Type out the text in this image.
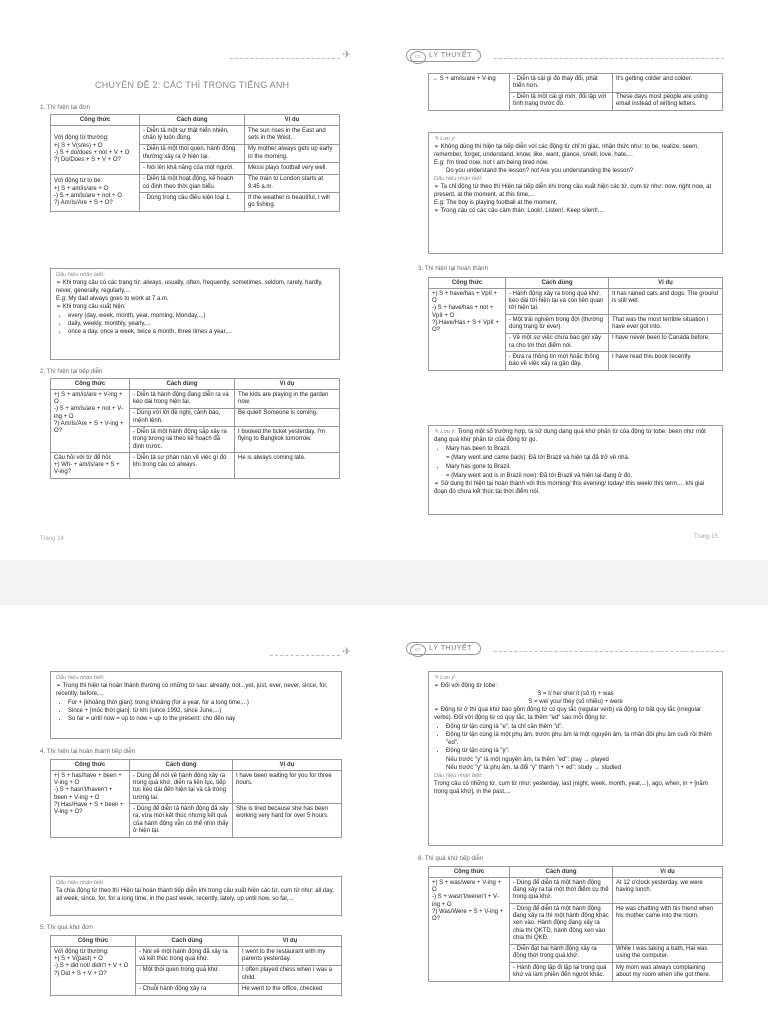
✈
CHUYÊN ĐỀ 2: CÁC THÌ TRONG TIẾNG ANH
1. Thì hiện tại đơn
Công thức	Cách dùng	Ví dụ
Với động từ thường:
+) S + V(s/es) + O
-) S + do/does + not + V + O
?) Do/Does + S + V + O?	- Diễn tả một sự thật hiển nhiên, chân lý luôn đúng.	The sun rises in the East and sets in the West.
	- Diễn tả một thói quen, hành động thường xảy ra ở hiện tại.	My mother always gets up early in the morning.
	- Nói lên khả năng của một người.	Messi plays football very well.
Với động từ to be:
+) S + am/is/are + O
-) S + am/is/are + not + O
?) Am/Is/Are + S + O?	- Diễn tả một hoạt động, kế hoạch có định theo thời gian biểu.	The train to London starts at 9:45 a.m.
	- Dùng trong câu điều kiện loại 1.	If the weather is beautiful, I will go fishing.
Dấu hiệu nhận biết:
➢ Khi trong câu có các trạng từ: always, usually, often, frequently, sometimes, seldom, rarely, hardly, never, generally, regularly,...
E.g: My dad always goes to work at 7 a.m.
➢ Khi trong câu xuất hiện:
• every (day, week, month, year, morning, Monday,...)
• daily, weekly, monthly, yearly,...
• once a day, once a week, twice a month, three times a year,...
2. Thì hiện tại tiếp diễn
Công thức	Cách dùng	Ví dụ
+) S + am/is/are + V-ing + O
-) S + am/is/are + not + V-ing + O
?) Am/Is/Are + S + V-ing + O?	- Diễn tả hành động đang diễn ra và kéo dài trong hiện tại.	The kids are playing in the garden now.
	- Dùng với lời đề nghị, cảnh báo, mệnh lệnh.	Be quiet! Someone is coming.
	- Diễn tả một hành động sắp xảy ra trong tương lai theo kế hoạch đã định trước.	I booked the ticket yesterday. I'm flying to Bangkok tomorrow.
Câu hỏi với từ để hỏi:
+) Wh- + am/is/are + S + V-ing?	- Diễn tả sự phàn nàn về việc gì đó khi trong câu có always.	He is always coming late.
Trang 14
▭	LÝ THUYẾT
→ S + am/is/are + V-ing	- Diễn tả cái gì đó thay đổi, phát triển hơn.	It's getting colder and colder.
	- Diễn tả một cái gì mới, đối lập với tình trạng trước đó.	These days most people are using email instead of writing letters.
✎ Lưu ý:
➢ Không dùng thì hiện tại tiếp diễn với các động từ chỉ tri giác, nhận thức như: to be, realize, seem, remember, forget, understand, know, like, want, glance, smell, love, hate,...
E.g: I'm tired now. not I am being tired now.
Do you understand the lesson? not Are you understanding the lesson?
Dấu hiệu nhận biết:
➢ Ta chỉ động từ theo thì Hiện tại tiếp diễn khi trong câu xuất hiện các từ, cụm từ như: now, right now, at present, at the moment, at this time,...
E.g: The boy is playing football at the moment.
➢ Trong câu có các câu cảm thán: Look!, Listen!, Keep silent!,...
3. Thì hiện tại hoàn thành
Công thức	Cách dùng	Ví dụ
+) S + have/has + VpII + O
-) S + have/has + not + VpII + O
?) Have/Has + S + VpII + O?	- Hành động xảy ra trong quá khứ, kéo dài tới hiện tại và còn liên quan tới hiện tại.	It has rained cats and dogs. The ground is still wet.
	- Một trải nghiệm trong đời (thường dùng trạng từ ever).	That was the most terrible situation I have ever got into.
	- Về một sự việc chưa bao giờ xảy ra cho tới thời điểm nói.	I have never been to Canada before.
	- Đưa ra thông tin mới hoặc thông báo về việc xảy ra gần đây.	I have read this book recently.
✎ Lưu ý: Trong một số trường hợp, ta sử dụng dạng quá khứ phân từ của động từ tobe: been như một dạng quá khứ phân từ của động từ go.
• Mary has been to Brazil.
= (Mary went and came back): Đã tới Brazil và hiện tại đã trở về nhà.
• Mary has gone to Brazil.
= (Mary went and is in Brazil now): Đã tới Brazil và hiện tại đang ở đó.
➢ Sử dụng thì hiện tại hoàn thành với this morning/ this evening/ today/ this week/ this term,... khi giai đoạn đó chưa kết thúc tại thời điểm nói.
Trang 15
✈
Dấu hiệu nhận biết:
➢ Trong thì hiện tại hoàn thành thường có những từ sau: already, not...yet, just, ever, never, since, for, recently, before,...
• For + [khoảng thời gian]: trong khoảng (for a year, for a long time,...)
• Since + [mốc thời gian]: từ khi (since 1992, since June,...)
• So far = until now = up to now = up to the present: cho đến nay
4. Thì hiện tại hoàn thành tiếp diễn
Công thức	Cách dùng	Ví dụ
+) S + has/have + been + V-ing + O
-) S + hasn't/haven't + been + V-ing + O
?) Has/Have + S + been + V-ing + O?	- Dùng để nói về hành động xảy ra trong quá khứ, diễn ra liên tục, tiếp tục kéo dài đến hiện tại và cả trong tương lai.	I have been waiting for you for three hours.
	- Dùng để diễn tả hành động đã xảy ra, vừa mới kết thúc nhưng kết quả của hành động vẫn có thể nhìn thấy ở hiện tại.	She is tired because she has been working very hard for over 5 hours.
Dấu hiệu nhận biết:
Ta chia động từ theo thì Hiện tại hoàn thành tiếp diễn khi trong câu xuất hiện các từ, cụm từ như: all day, all week, since, for, for a long time, in the past week, recently, lately, up until now, so far,...
5. Thì quá khứ đơn
Công thức	Cách dùng	Ví dụ
Với động từ thường:
+) S + V(past) + O
-) S + did not/ didn't + V + O
?) Did + S + V + O?	- Nói về một hành động đã xảy ra và kết thúc trong quá khứ.	I went to the restaurant with my parents yesterday.
	- Một thói quen trong quá khứ.	I often played chess when I was a child.
	- Chuỗi hành động xảy ra	He went to the office, checked
▭	LÝ THUYẾT
✎ Lưu ý:
➢ Đối với động từ tobe:
S = I/ he/ she/ it (số ít) + was
S = we/ you/ they (số nhiều) + were
➢ Động từ ở thì quá khứ bao gồm động từ có quy tắc (regular verb) và động từ bất quy tắc (irregular verbs). Đối với động từ có quy tắc, ta thêm "ed" sau mỗi động từ:
• Động từ tận cùng là "e", ta chỉ cần thêm "d".
• Động từ tận cùng là một phụ âm, trước phụ âm là một nguyên âm, ta nhân đôi phụ âm cuối rồi thêm "ed".
• Động từ tận cùng là "y":
Nếu trước "y" là một nguyên âm, ta thêm "ed": play → played
Nếu trước "y" là phụ âm, ta đổi "y" thành "i + ed": study → studied
Dấu hiệu nhận biết:
Trong câu có những từ, cụm từ như: yesterday, last (night, week, month, year,...), ago, when, in + [năm trong quá khứ], in the past,...
6. Thì quá khứ tiếp diễn
Công thức	Cách dùng	Ví dụ
+) S + was/were + V-ing + O
-) S + wasn't/weren't + V-ing + O
?) Was/Were + S + V-ing + O?	- Dùng để diễn tả một hành động đang xảy ra tại một thời điểm cụ thể trong quá khứ.	At 12 o'clock yesterday, we were having lunch.
	- Dùng để diễn tả một hành động đang xảy ra thì một hành động khác xen vào. Hành động đang xảy ra chia thì QKTD, hành động xen vào chia thì QKĐ.	He was chatting with his friend when his mother came into the room.
	- Diễn đạt hai hành động xảy ra đồng thời trong quá khứ.	While I was taking a bath, Hai was using the computer.
	- Hành động lặp đi lặp lại trong quá khứ và làm phiền đến người khác.	My mom was always complaining about my room when she got there.
